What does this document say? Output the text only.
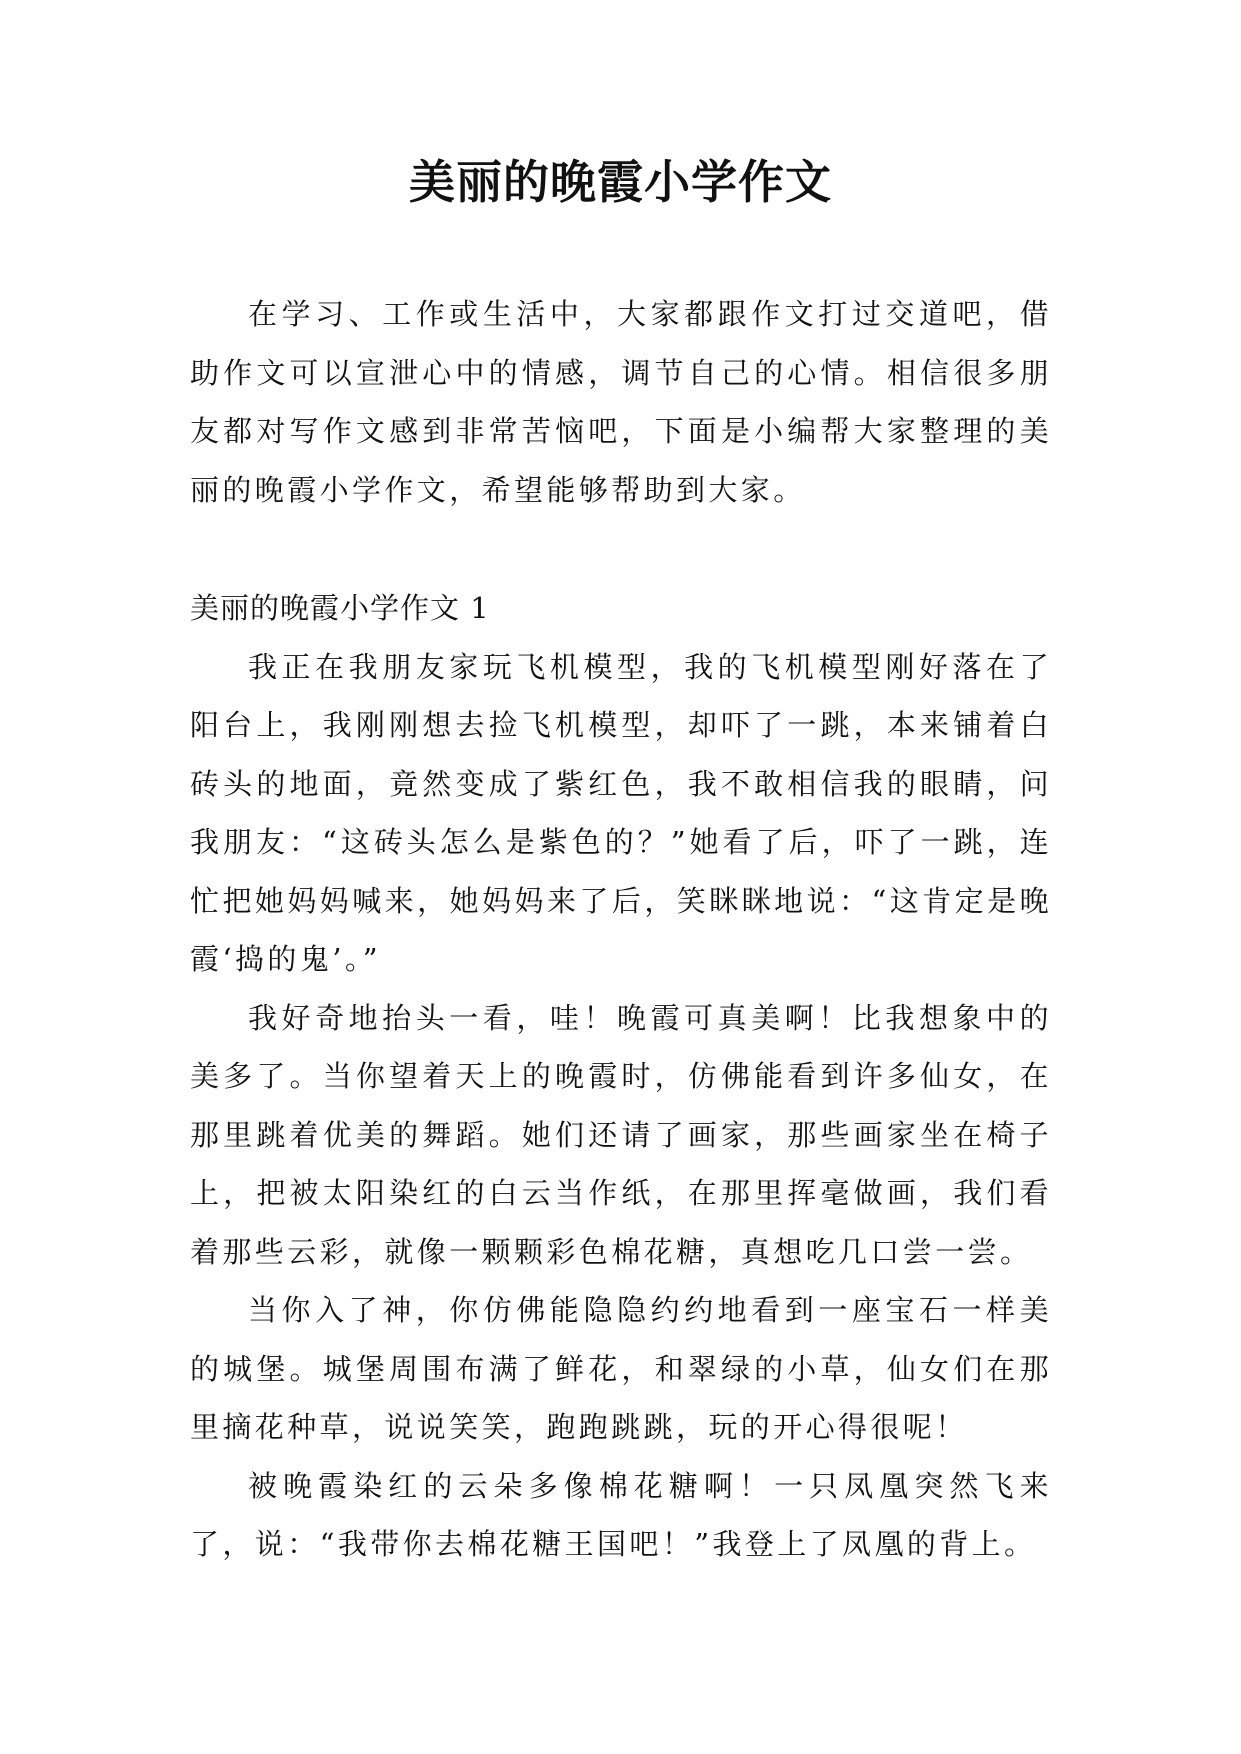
美丽的晚霞小学作文

在学习、工作或生活中，大家都跟作文打过交道吧，借助作文可以宣泄心中的情感，调节自己的心情。相信很多朋友都对写作文感到非常苦恼吧，下面是小编帮大家整理的美丽的晚霞小学作文，希望能够帮助到大家。

美丽的晚霞小学作文 1

我正在我朋友家玩飞机模型，我的飞机模型刚好落在了阳台上，我刚刚想去捡飞机模型，却吓了一跳，本来铺着白砖头的地面，竟然变成了紫红色，我不敢相信我的眼睛，问我朋友：“这砖头怎么是紫色的？”她看了后，吓了一跳，连忙把她妈妈喊来，她妈妈来了后，笑眯眯地说：“这肯定是晚霞‘捣的鬼’。”

我好奇地抬头一看，哇！晚霞可真美啊！比我想象中的美多了。当你望着天上的晚霞时，仿佛能看到许多仙女，在那里跳着优美的舞蹈。她们还请了画家，那些画家坐在椅子上，把被太阳染红的白云当作纸，在那里挥毫做画，我们看着那些云彩，就像一颗颗彩色棉花糖，真想吃几口尝一尝。

当你入了神，你仿佛能隐隐约约地看到一座宝石一样美的城堡。城堡周围布满了鲜花，和翠绿的小草，仙女们在那里摘花种草，说说笑笑，跑跑跳跳，玩的开心得很呢！

被晚霞染红的云朵多像棉花糖啊！一只凤凰突然飞来了，说：“我带你去棉花糖王国吧！”我登上了凤凰的背上。
